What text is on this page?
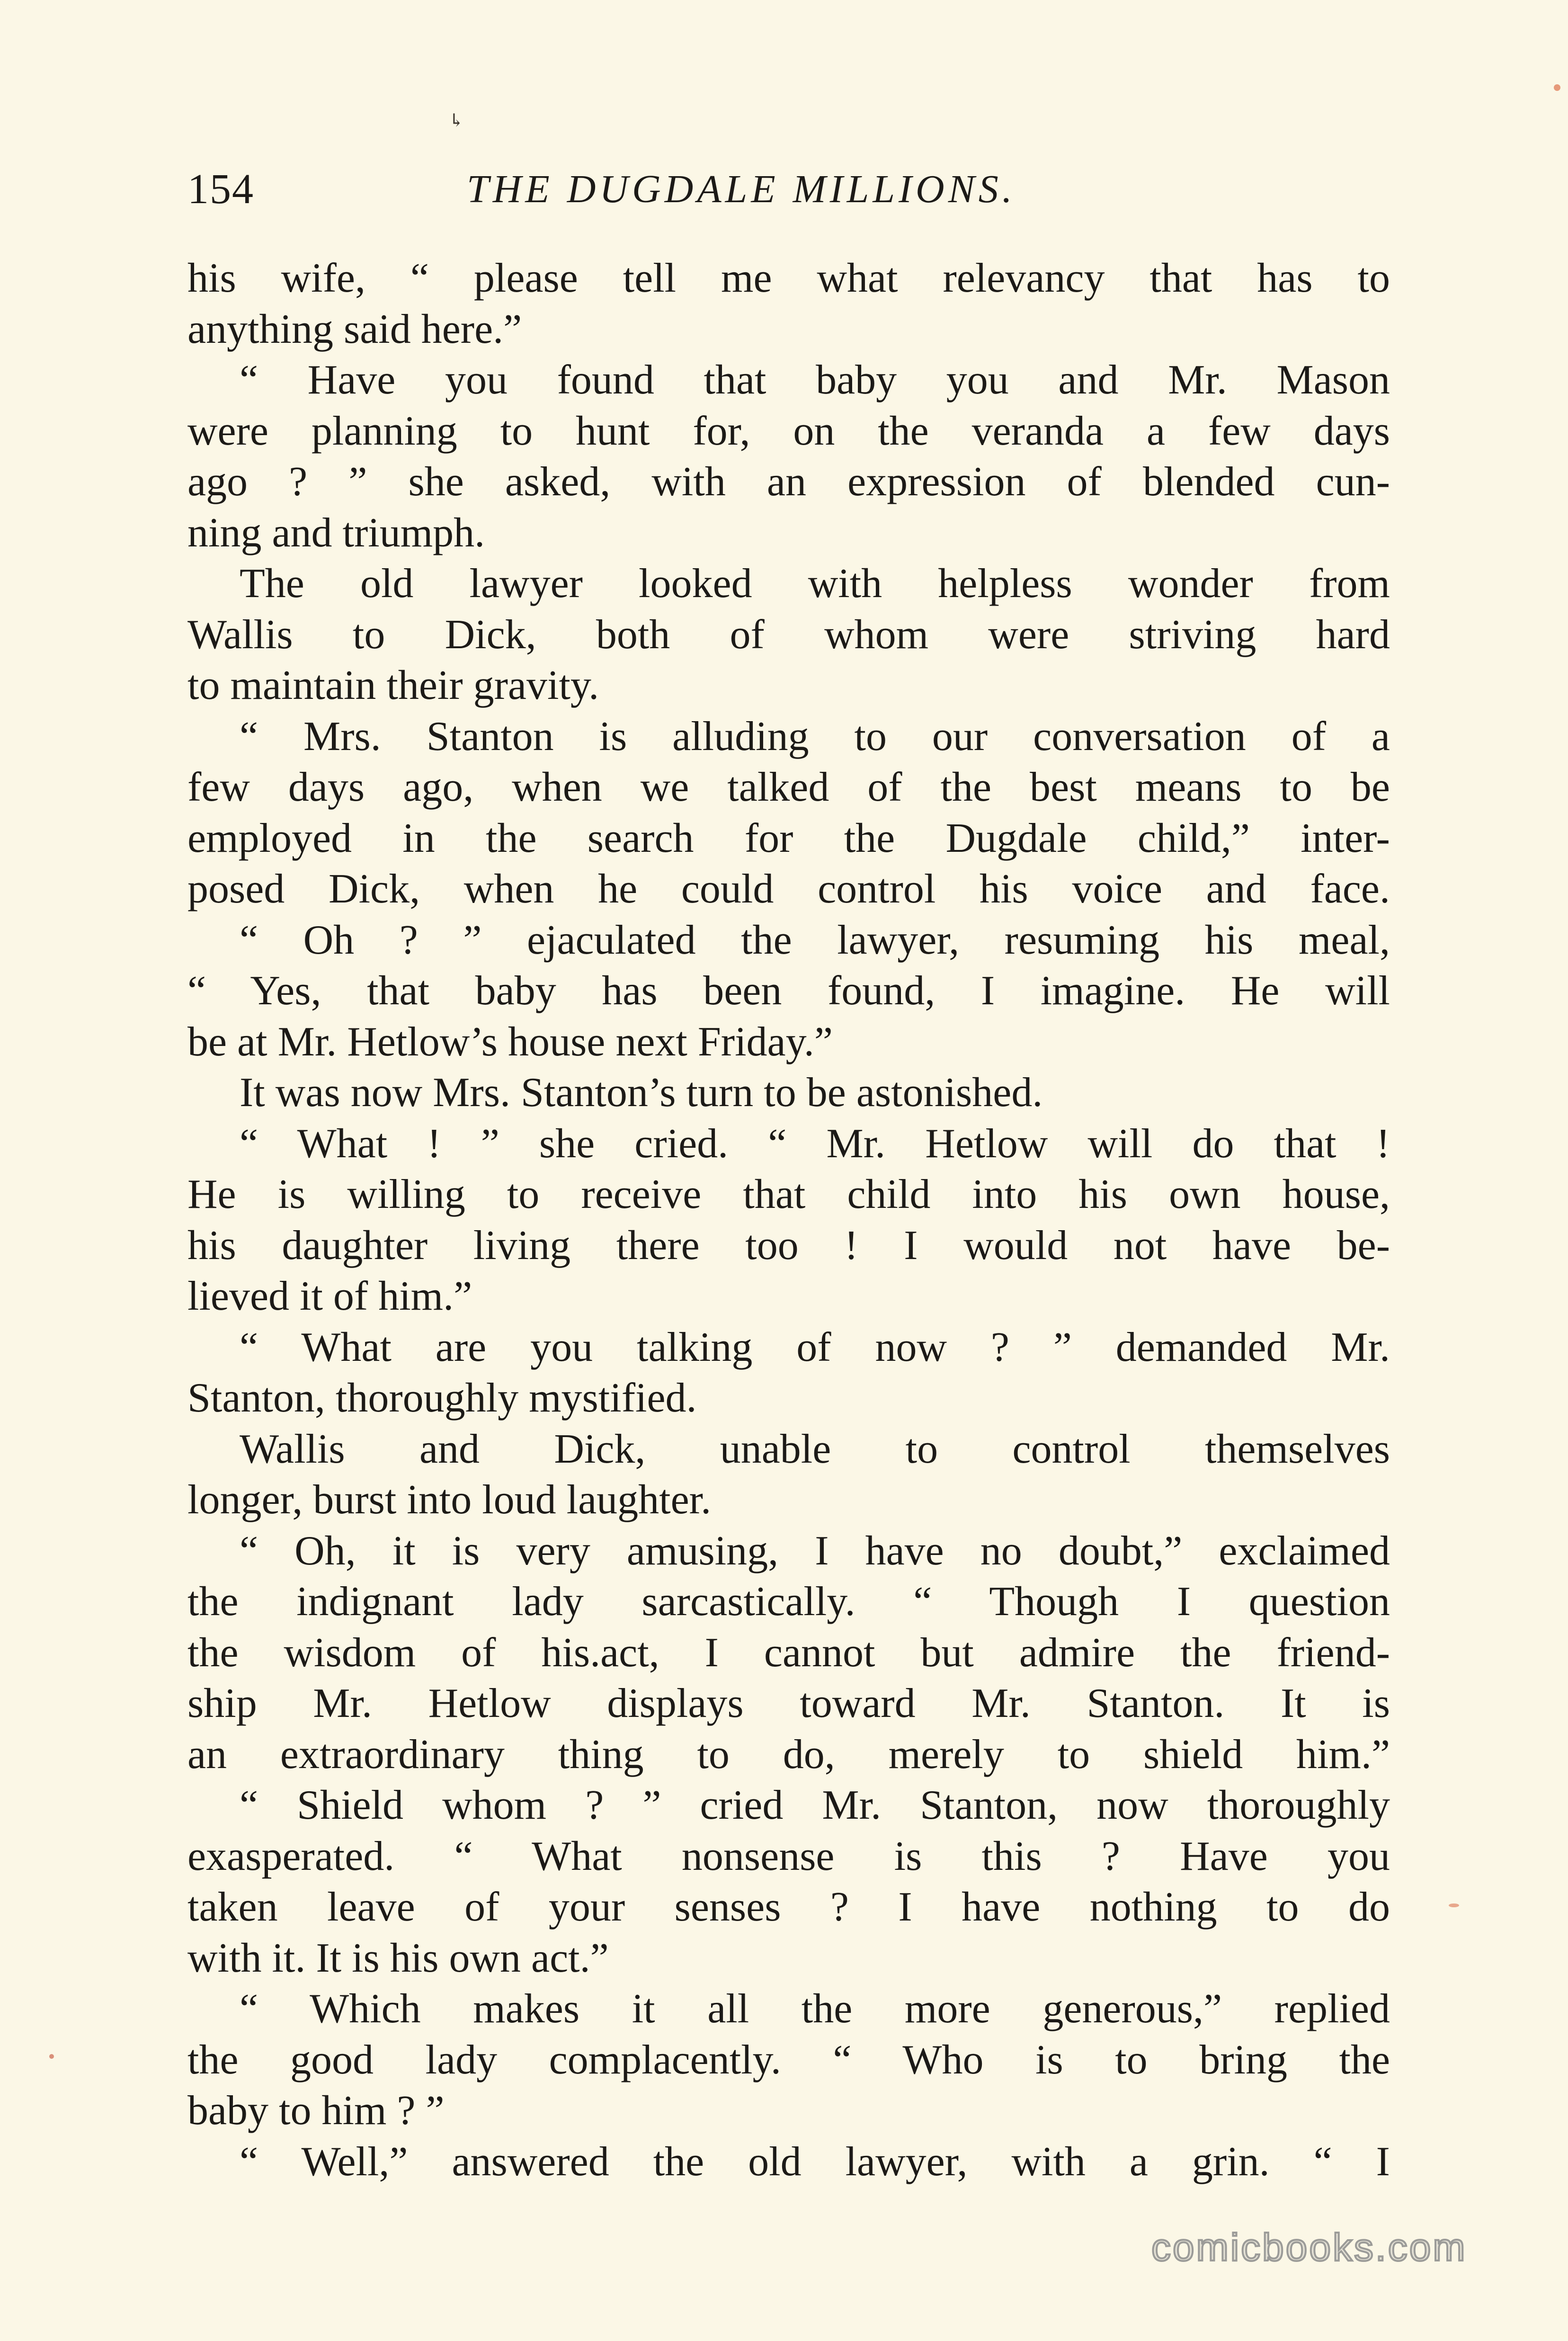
↳
154	THE DUGDALE MILLIONS.
his wife, “ please tell me what relevancy that has to
anything said here.”
“ Have you found that baby you and Mr. Mason
were planning to hunt for, on the veranda a few days
ago ? ” she asked, with an expression of blended cun-
ning and triumph.
The old lawyer looked with helpless wonder from
Wallis to Dick, both of whom were striving hard
to maintain their gravity.
“ Mrs. Stanton is alluding to our conversation of a
few days ago, when we talked of the best means to be
employed in the search for the Dugdale child,” inter-
posed Dick, when he could control his voice and face.
“ Oh ? ” ejaculated the lawyer, resuming his meal,
“ Yes, that baby has been found, I imagine. He will
be at Mr. Hetlow’s house next Friday.”
It was now Mrs. Stanton’s turn to be astonished.
“ What ! ” she cried. “ Mr. Hetlow will do that !
He is willing to receive that child into his own house,
his daughter living there too ! I would not have be-
lieved it of him.”
“ What are you talking of now ? ” demanded Mr.
Stanton, thoroughly mystified.
Wallis and Dick, unable to control themselves
longer, burst into loud laughter.
“ Oh, it is very amusing, I have no doubt,” exclaimed
the indignant lady sarcastically. “ Though I question
the wisdom of his.act, I cannot but admire the friend-
ship Mr. Hetlow displays toward Mr. Stanton. It is
an extraordinary thing to do, merely to shield him.”
“ Shield whom ? ” cried Mr. Stanton, now thoroughly
exasperated. “ What nonsense is this ? Have you
taken leave of your senses ? I have nothing to do
with it. It is his own act.”
“ Which makes it all the more generous,” replied
the good lady complacently. “ Who is to bring the
baby to him ? ”
“ Well,” answered the old lawyer, with a grin. “ I
comicbooks.com
